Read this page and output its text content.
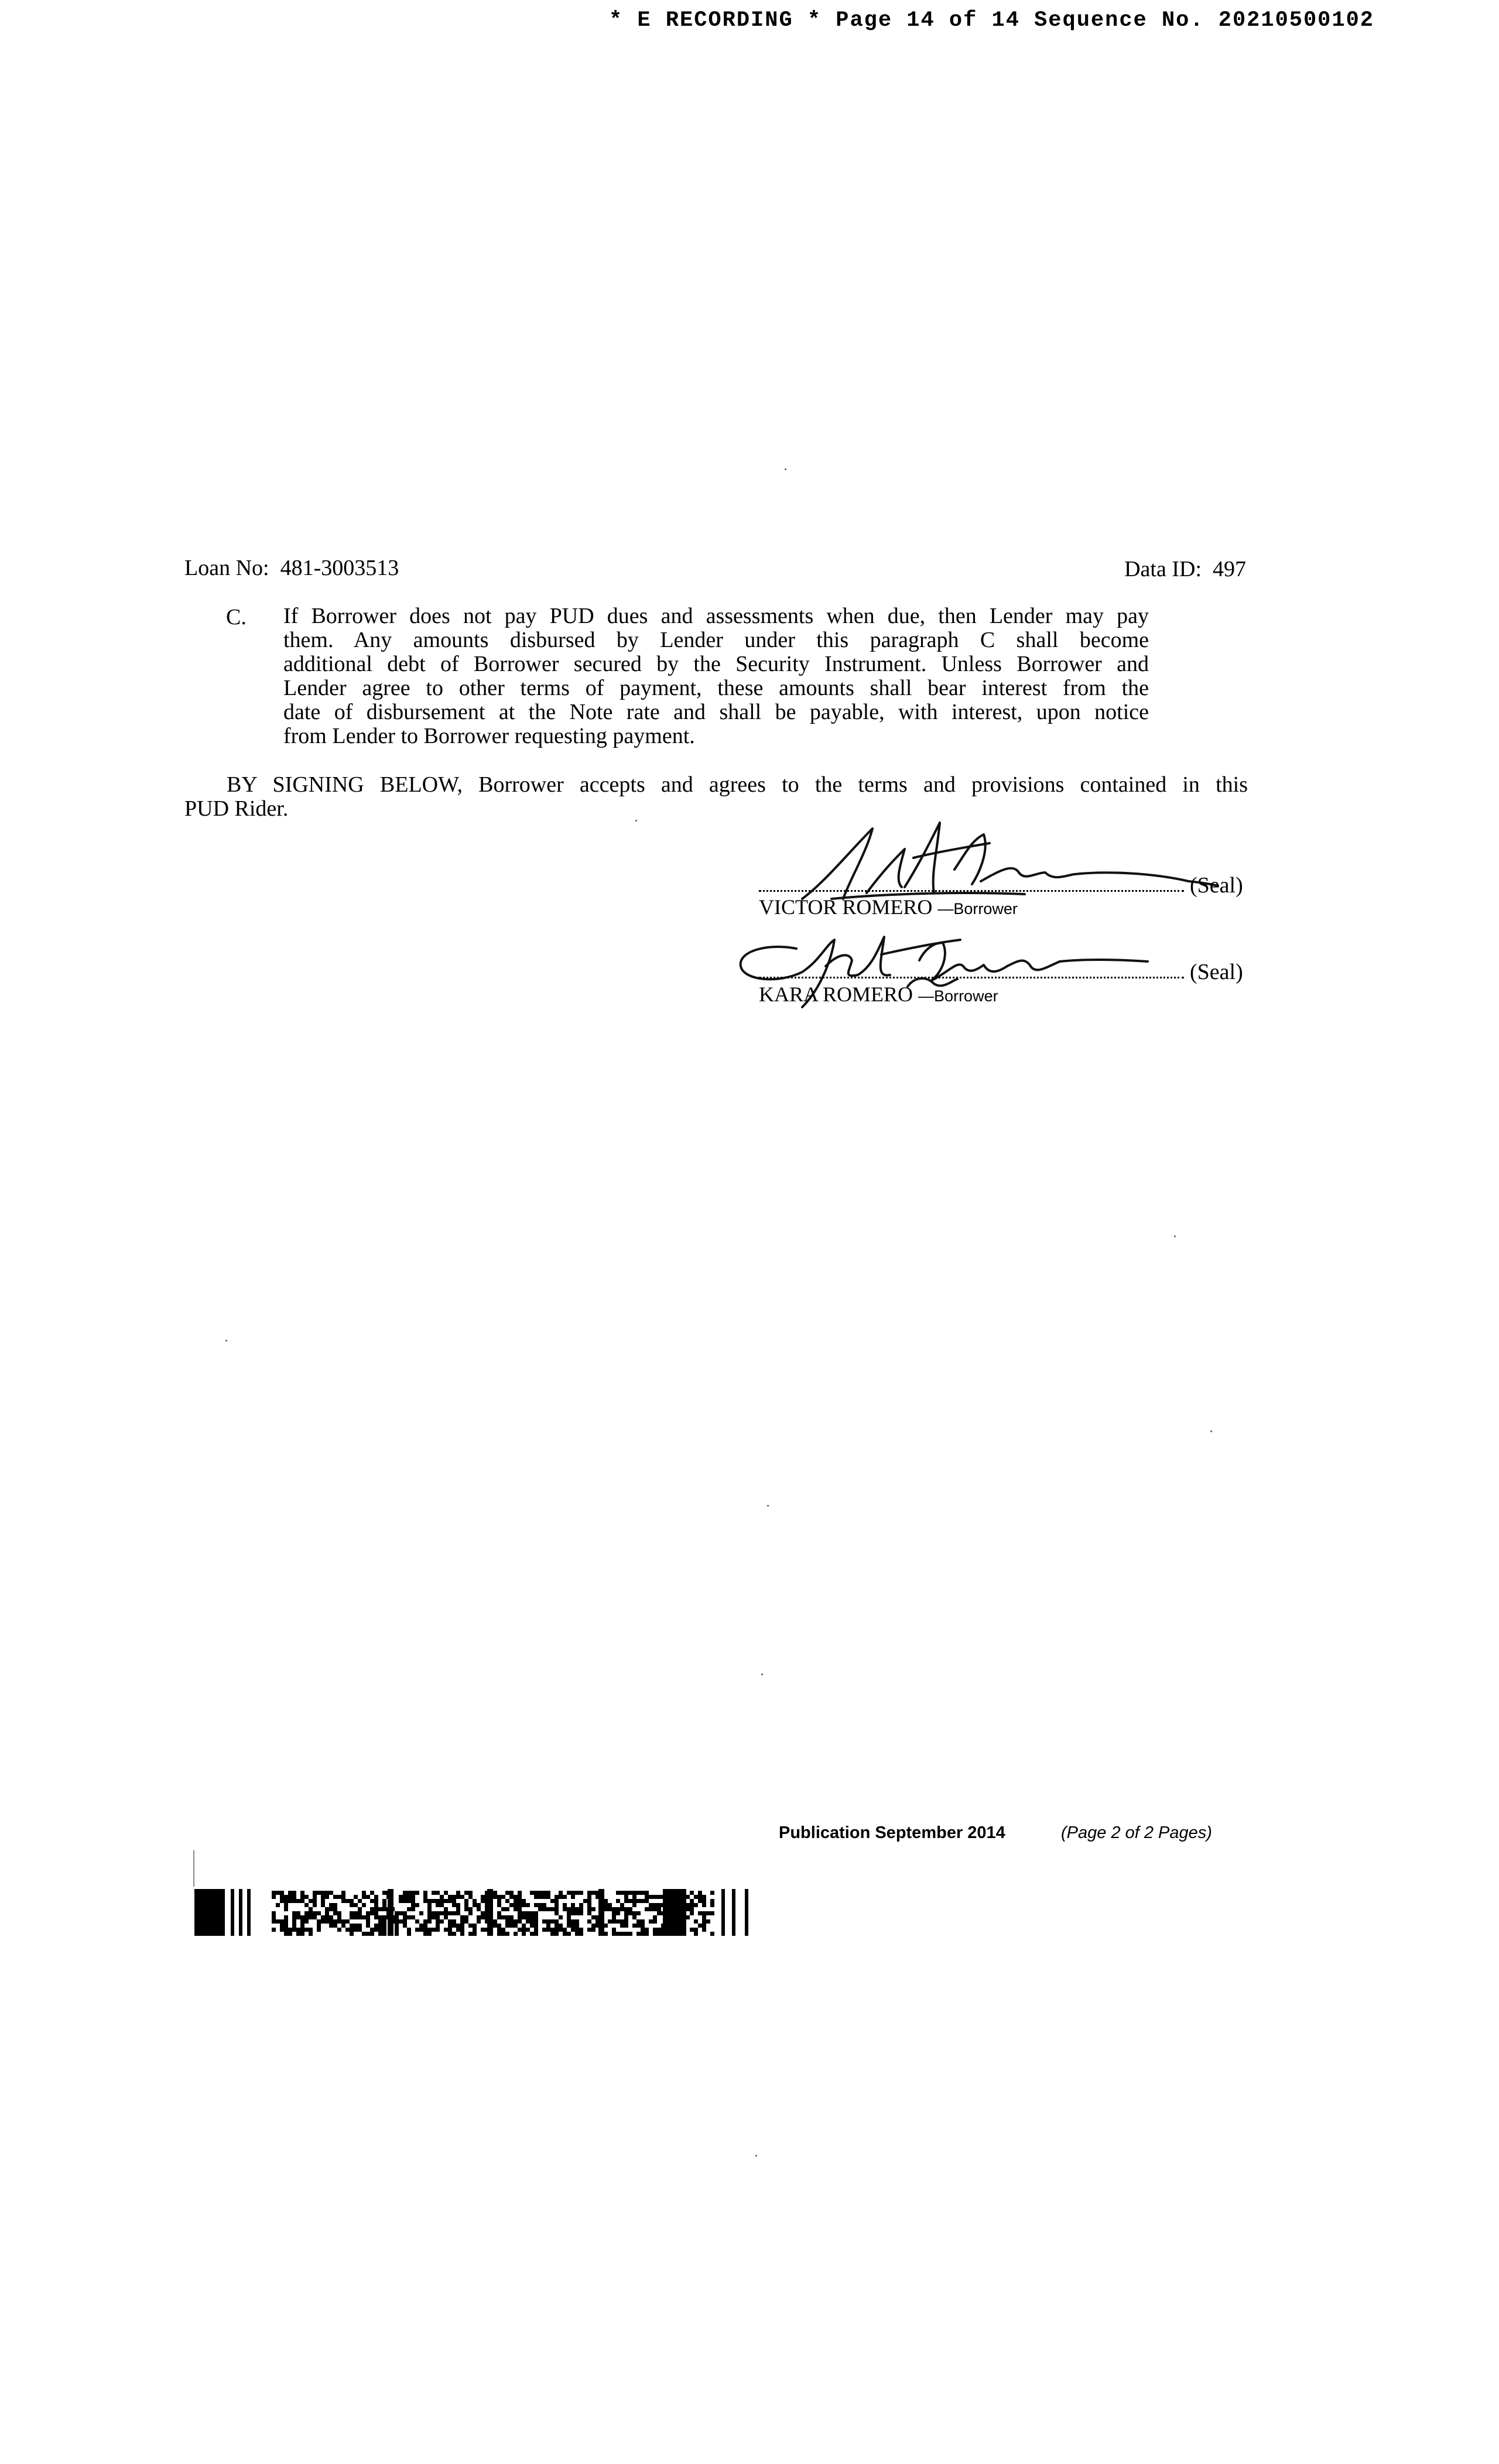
* E RECORDING * Page 14 of 14 Sequence No. 20210500102
Loan No: 481-3003513	Data ID: 497
C. If Borrower does not pay PUD dues and assessments when due, then Lender may pay
them. Any amounts disbursed by Lender under this paragraph C shall become
additional debt of Borrower secured by the Security Instrument. Unless Borrower and
Lender agree to other terms of payment, these amounts shall bear interest from the
date of disbursement at the Note rate and shall be payable, with interest, upon notice
from Lender to Borrower requesting payment.
BY SIGNING BELOW, Borrower accepts and agrees to the terms and provisions contained in this
PUD Rider.
(Seal)
VICTOR ROMERO —Borrower
(Seal)
KARA ROMERO —Borrower
Publication September 2014	(Page 2 of 2 Pages)
